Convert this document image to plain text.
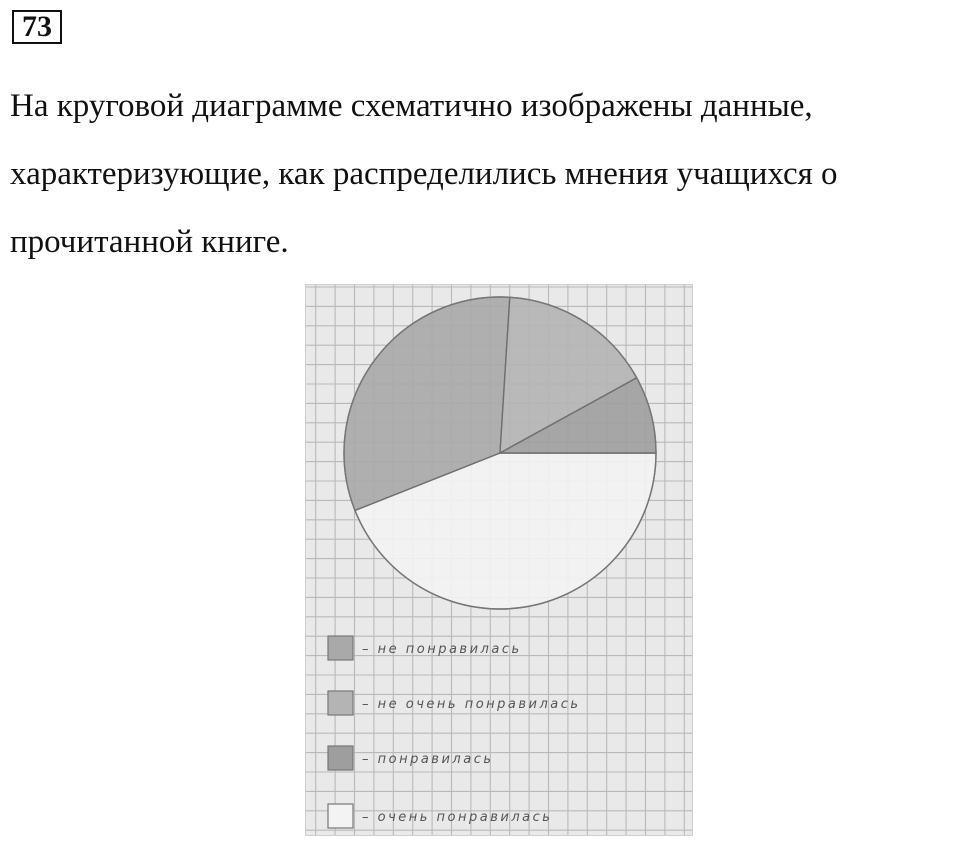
73

На круговой диаграмме схематично изображены данные,
характеризующие, как распределились мнения учащихся о
прочитанной книге.

– не понравилась
– не очень понравилась
– понравилась
– очень понравилась
